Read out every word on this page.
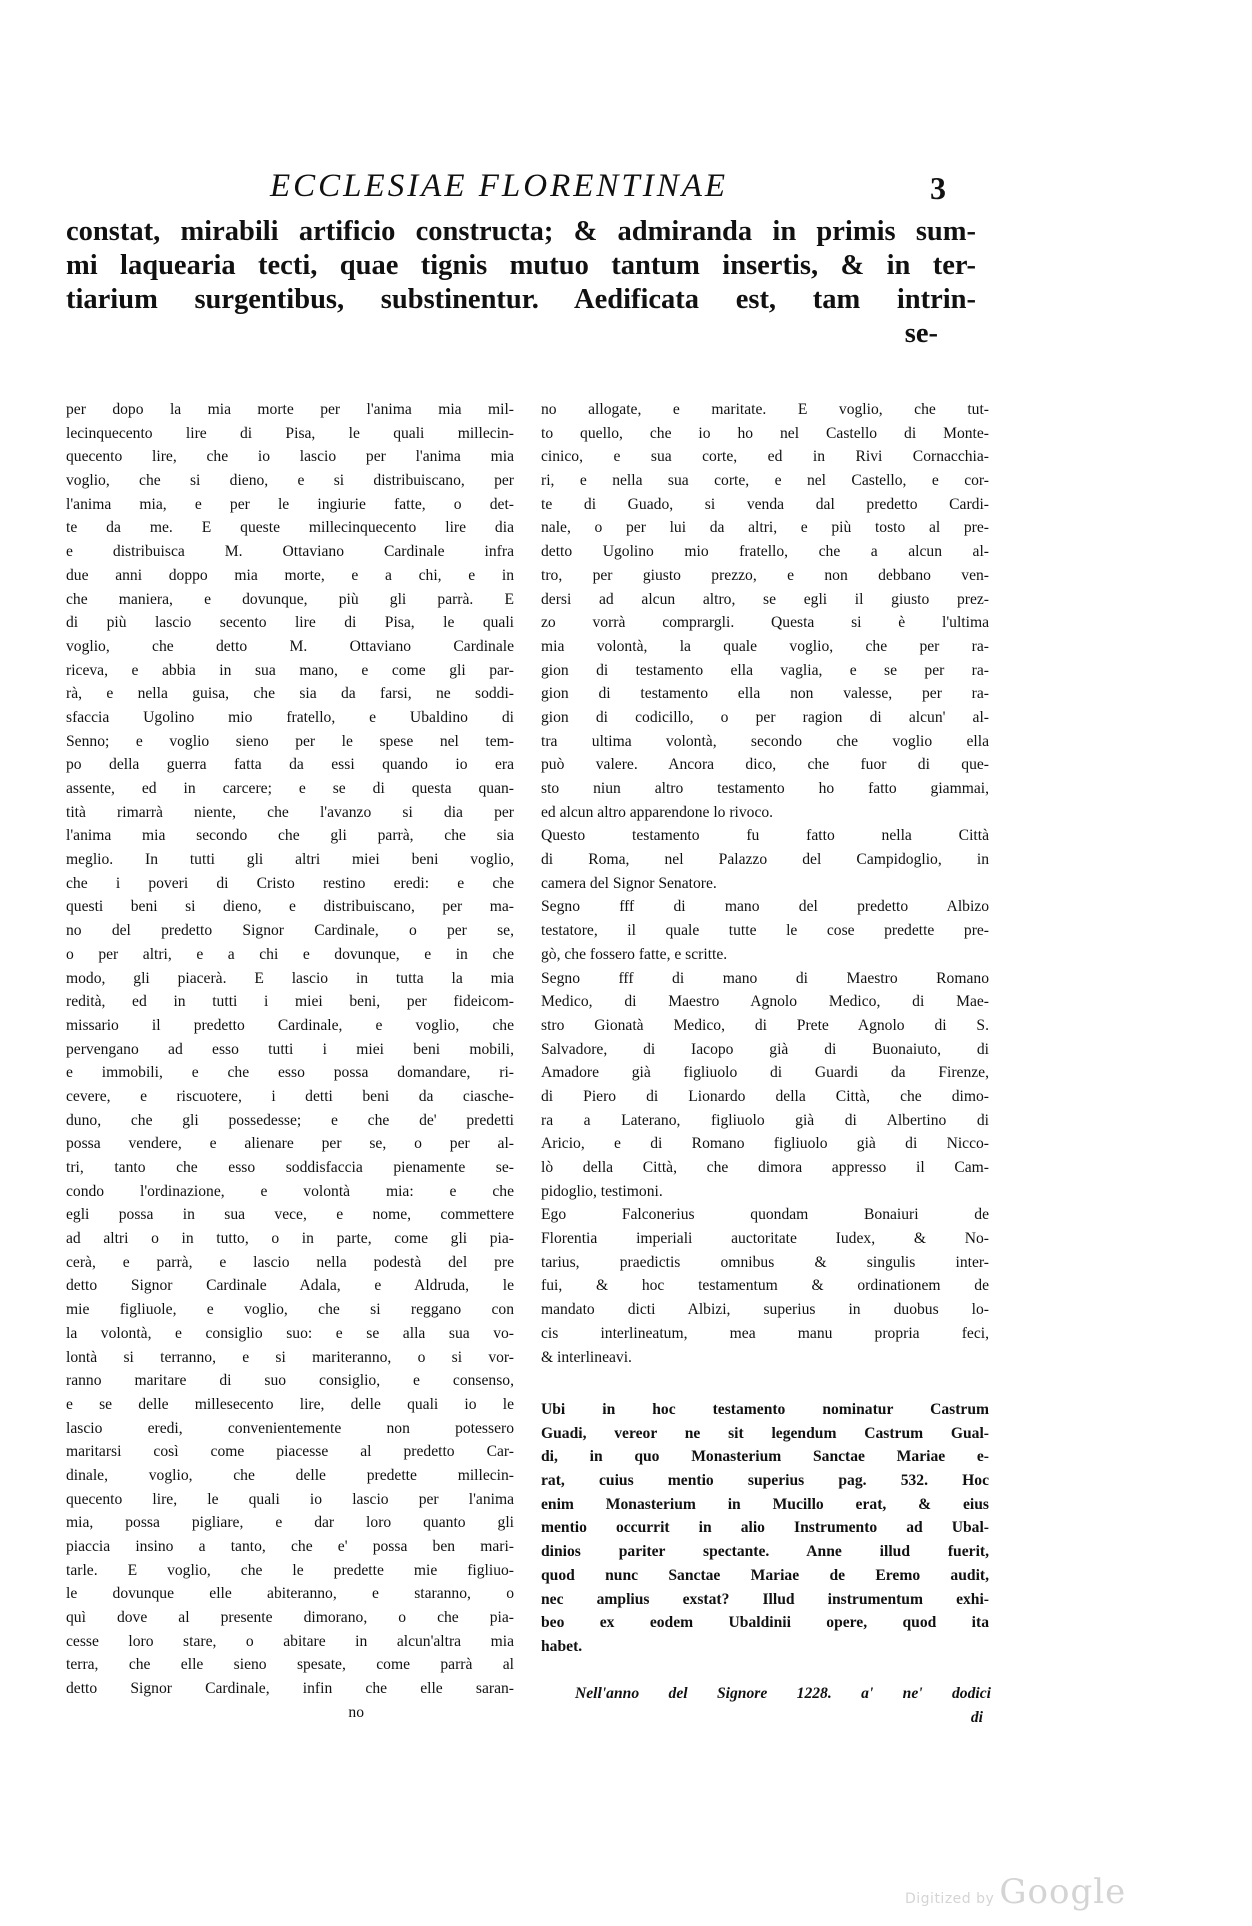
ECCLESIAE FLORENTINAE	3
constat, mirabili artificio constructa; & admiranda in primis sum-
mi laquearia tecti, quae tignis mutuo tantum insertis, & in ter-
tiarium surgentibus, substinentur. Aedificata est, tam intrin-
se-
per dopo la mia morte per l'anima mia mil-
lecinquecento lire di Pisa, le quali millecin-
quecento lire, che io lascio per l'anima mia
voglio, che si dieno, e si distribuiscano, per
l'anima mia, e per le ingiurie fatte, o det-
te da me. E queste millecinquecento lire dia
e distribuisca M. Ottaviano Cardinale infra
due anni doppo mia morte, e a chi, e in
che maniera, e dovunque, più gli parrà. E
di più lascio secento lire di Pisa, le quali
voglio, che detto M. Ottaviano Cardinale
riceva, e abbia in sua mano, e come gli par-
rà, e nella guisa, che sia da farsi, ne soddi-
sfaccia Ugolino mio fratello, e Ubaldino di
Senno; e voglio sieno per le spese nel tem-
po della guerra fatta da essi quando io era
assente, ed in carcere; e se di questa quan-
tità rimarrà niente, che l'avanzo si dia per
l'anima mia secondo che gli parrà, che sia
meglio. In tutti gli altri miei beni voglio,
che i poveri di Cristo restino eredi: e che
questi beni si dieno, e distribuiscano, per ma-
no del predetto Signor Cardinale, o per se,
o per altri, e a chi e dovunque, e in che
modo, gli piacerà. E lascio in tutta la mia
redità, ed in tutti i miei beni, per fideicom-
missario il predetto Cardinale, e voglio, che
pervengano ad esso tutti i miei beni mobili,
e immobili, e che esso possa domandare, ri-
cevere, e riscuotere, i detti beni da ciasche-
duno, che gli possedesse; e che de' predetti
possa vendere, e alienare per se, o per al-
tri, tanto che esso soddisfaccia pienamente se-
condo l'ordinazione, e volontà mia: e che
egli possa in sua vece, e nome, commettere
ad altri o in tutto, o in parte, come gli pia-
cerà, e parrà, e lascio nella podestà del pre
detto Signor Cardinale Adala, e Aldruda, le
mie figliuole, e voglio, che si reggano con
la volontà, e consiglio suo: e se alla sua vo-
lontà si terranno, e si mariteranno, o si vor-
ranno maritare di suo consiglio, e consenso,
e se delle millesecento lire, delle quali io le
lascio eredi, convenientemente non potessero
maritarsi così come piacesse al predetto Car-
dinale, voglio, che delle predette millecin-
quecento lire, le quali io lascio per l'anima
mia, possa pigliare, e dar loro quanto gli
piaccia insino a tanto, che e' possa ben mari-
tarle. E voglio, che le predette mie figliuo-
le dovunque elle abiteranno, e staranno, o
quì dove al presente dimorano, o che pia-
cesse loro stare, o abitare in alcun'altra mia
terra, che elle sieno spesate, come parrà al
detto Signor Cardinale, infin che elle saran-
no
no allogate, e maritate. E voglio, che tut-
to quello, che io ho nel Castello di Monte-
cinico, e sua corte, ed in Rivi Cornacchia-
ri, e nella sua corte, e nel Castello, e cor-
te di Guado, si venda dal predetto Cardi-
nale, o per lui da altri, e più tosto al pre-
detto Ugolino mio fratello, che a alcun al-
tro, per giusto prezzo, e non debbano ven-
dersi ad alcun altro, se egli il giusto prez-
zo vorrà comprargli. Questa si è l'ultima
mia volontà, la quale voglio, che per ra-
gion di testamento ella vaglia, e se per ra-
gion di testamento ella non valesse, per ra-
gion di codicillo, o per ragion di alcun' al-
tra ultima volontà, secondo che voglio ella
può valere. Ancora dico, che fuor di que-
sto niun altro testamento ho fatto giammai,
ed alcun altro apparendone lo rivoco.
Questo testamento fu fatto nella Città
di Roma, nel Palazzo del Campidoglio, in
camera del Signor Senatore.
Segno fff di mano del predetto Albizo
testatore, il quale tutte le cose predette pre-
gò, che fossero fatte, e scritte.
Segno fff di mano di Maestro Romano
Medico, di Maestro Agnolo Medico, di Mae-
stro Gionatà Medico, di Prete Agnolo di S.
Salvadore, di Iacopo già di Buonaiuto, di
Amadore già figliuolo di Guardi da Firenze,
di Piero di Lionardo della Città, che dimo-
ra a Laterano, figliuolo già di Albertino di
Aricio, e di Romano figliuolo già di Nicco-
lò della Città, che dimora appresso il Cam-
pidoglio, testimoni.
Ego Falconerius quondam Bonaiuri de
Florentia imperiali auctoritate Iudex, & No-
tarius, praedictis omnibus & singulis inter-
fui, & hoc testamentum & ordinationem de
mandato dicti Albizi, superius in duobus lo-
cis interlineatum, mea manu propria feci,
& interlineavi.
Ubi in hoc testamento nominatur Castrum
Guadi, vereor ne sit legendum Castrum Gual-
di, in quo Monasterium Sanctae Mariae e-
rat, cuius mentio superius pag. 532. Hoc
enim Monasterium in Mucillo erat, & eius
mentio occurrit in alio Instrumento ad Ubal-
dinios pariter spectante. Anne illud fuerit,
quod nunc Sanctae Mariae de Eremo audit,
nec amplius exstat? Illud instrumentum exhi-
beo ex eodem Ubaldinii opere, quod ita
habet.
Nell'anno del Signore 1228. a' ne' dodici
di
Digitized by Google
